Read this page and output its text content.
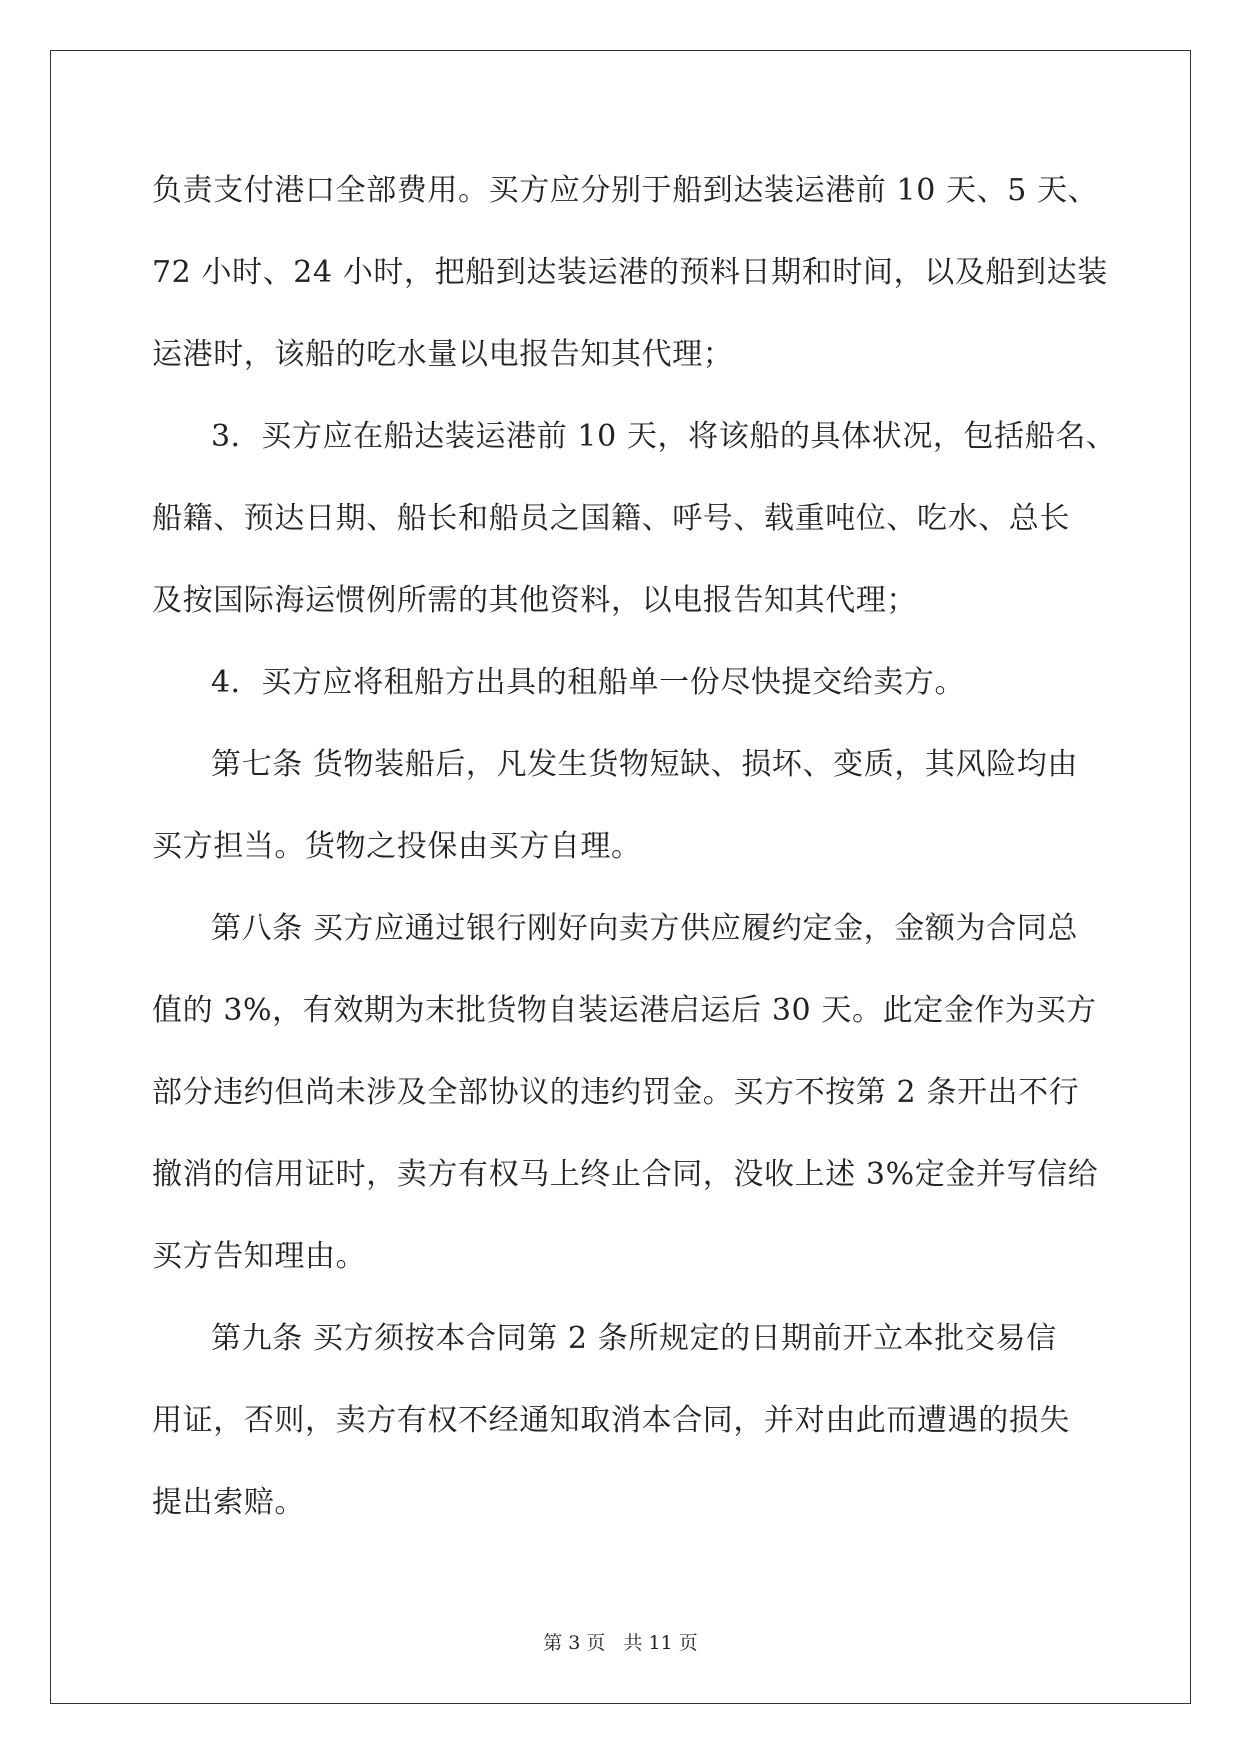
负责支付港口全部费用。买方应分别于船到达装运港前 10 天、5 天、
72 小时、24 小时，把船到达装运港的预料日期和时间，以及船到达装
运港时，该船的吃水量以电报告知其代理；
3．买方应在船达装运港前 10 天，将该船的具体状况，包括船名、
船籍、预达日期、船长和船员之国籍、呼号、载重吨位、吃水、总长
及按国际海运惯例所需的其他资料，以电报告知其代理；
4．买方应将租船方出具的租船单一份尽快提交给卖方。
第七条 货物装船后，凡发生货物短缺、损坏、变质，其风险均由
买方担当。货物之投保由买方自理。
第八条 买方应通过银行刚好向卖方供应履约定金，金额为合同总
值的 3%，有效期为末批货物自装运港启运后 30 天。此定金作为买方
部分违约但尚未涉及全部协议的违约罚金。买方不按第 2 条开出不行
撤消的信用证时，卖方有权马上终止合同，没收上述 3%定金并写信给
买方告知理由。
第九条 买方须按本合同第 2 条所规定的日期前开立本批交易信
用证，否则，卖方有权不经通知取消本合同，并对由此而遭遇的损失
提出索赔。
第 3 页   共 11 页
